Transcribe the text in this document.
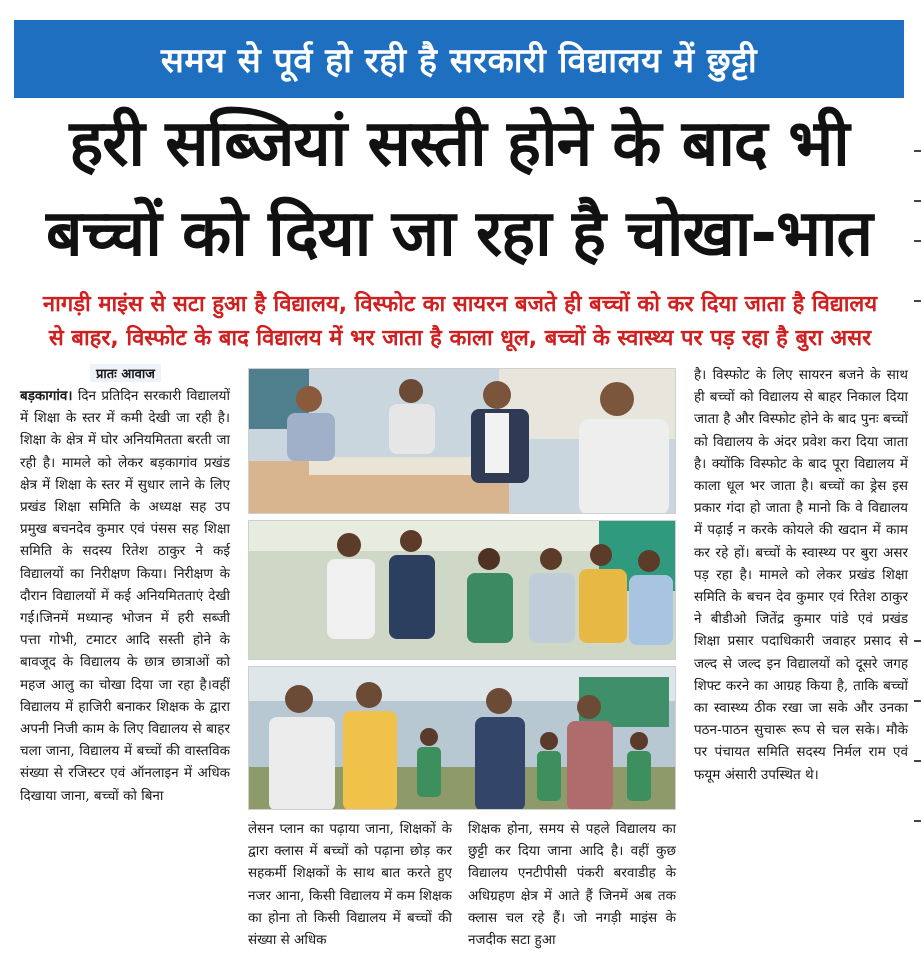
समय से पूर्व हो रही है सरकारी विद्यालय में छुट्टी
हरी सब्जियां सस्ती होने के बाद भी
बच्चों को दिया जा रहा है चोखा-भात
नागड़ी माइंस से सटा हुआ है विद्यालय, विस्फोट का सायरन बजते ही बच्चों को कर दिया जाता है विद्यालय
से बाहर, विस्फोट के बाद विद्यालय में भर जाता है काला धूल, बच्चों के स्वास्थ्य पर पड़ रहा है बुरा असर
प्रातः आवाज
बड़कागांव। दिन प्रतिदिन सरकारी विद्यालयों में शिक्षा के स्तर में कमी देखी जा रही है। शिक्षा के क्षेत्र में घोर अनियमितता बरती जा रही है। मामले को लेकर बड़कागांव प्रखंड क्षेत्र में शिक्षा के स्तर में सुधार लाने के लिए प्रखंड शिक्षा समिति के अध्यक्ष सह उप प्रमुख बचनदेव कुमार एवं पंसस सह शिक्षा समिति के सदस्य रितेश ठाकुर ने कई विद्यालयों का निरीक्षण किया। निरीक्षण के दौरान विद्यालयों में कई अनियमितताएं देखी गई।जिनमें मध्यान्ह भोजन में हरी सब्जी पत्ता गोभी, टमाटर आदि सस्ती होने के बावजूद के विद्यालय के छात्र छात्राओं को महज आलु का चोखा दिया जा रहा है।वहीं विद्यालय में हाजिरी बनाकर शिक्षक के द्वारा अपनी निजी काम के लिए विद्यालय से बाहर चला जाना, विद्यालय में बच्चों की वास्तविक संख्या से रजिस्टर एवं ऑनलाइन में अधिक दिखाया जाना, बच्चों को बिना
लेसन प्लान का पढ़ाया जाना, शिक्षकों के द्वारा क्लास में बच्चों को पढ़ाना छोड़ कर सहकर्मी शिक्षकों के साथ बात करते हुए नजर आना, किसी विद्यालय में कम शिक्षक का होना तो किसी विद्यालय में बच्चों की संख्या से अधिक
शिक्षक होना, समय से पहले विद्यालय का छुट्टी कर दिया जाना आदि है। वहीं कुछ विद्यालय एनटीपीसी पंकरी बरवाडीह के अधिग्रहण क्षेत्र में आते हैं जिनमें अब तक क्लास चल रहे हैं। जो नगड़ी माइंस के नजदीक सटा हुआ
है। विस्फोट के लिए सायरन बजने के साथ ही बच्चों को विद्यालय से बाहर निकाल दिया जाता है और विस्फोट होने के बाद पुनः बच्चों को विद्यालय के अंदर प्रवेश करा दिया जाता है। क्योंकि विस्फोट के बाद पूरा विद्यालय में काला धूल भर जाता है। बच्चों का ड्रेस इस प्रकार गंदा हो जाता है मानो कि वे विद्यालय में पढ़ाई न करके कोयले की खदान में काम कर रहे हों। बच्चों के स्वास्थ्य पर बुरा असर पड़ रहा है। मामले को लेकर प्रखंड शिक्षा समिति के बचन देव कुमार एवं रितेश ठाकुर ने बीडीओ जितेंद्र कुमार पांडे एवं प्रखंड शिक्षा प्रसार पदाधिकारी जवाहर प्रसाद से जल्द से जल्द इन विद्यालयों को दूसरे जगह शिफ्ट करने का आग्रह किया है, ताकि बच्चों का स्वास्थ्य ठीक रखा जा सके और उनका पठन-पाठन सुचारू रूप से चल सके। मौके पर पंचायत समिति सदस्य निर्मल राम एवं फयूम अंसारी उपस्थित थे।
